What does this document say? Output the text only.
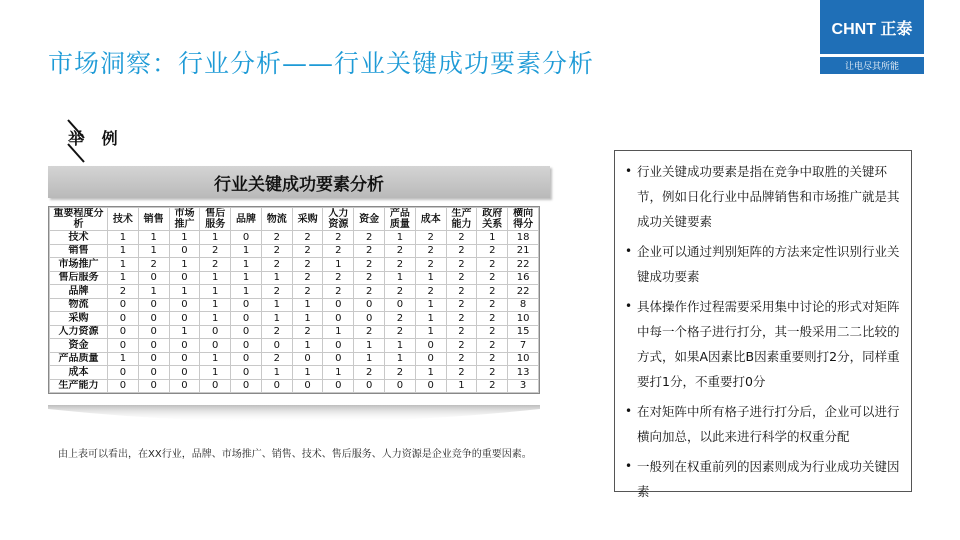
市场洞察：行业分析——行业关键成功要素分析
CHNT 正泰
让电尽其所能
举 例
行业关键成功要素分析
重要程度分析	技术	销售	市场推广	售后服务	品牌	物流	采购	人力资源	资金	产品质量	成本	生产能力	政府关系	横向得分
技术	1	1	1	1	0	2	2	2	2	1	2	2	1	18
销售	1	1	0	2	1	2	2	2	2	2	2	2	2	21
市场推广	1	2	1	2	1	2	2	1	2	2	2	2	2	22
售后服务	1	0	0	1	1	1	2	2	2	1	1	2	2	16
品牌	2	1	1	1	1	2	2	2	2	2	2	2	2	22
物流	0	0	0	1	0	1	1	0	0	0	1	2	2	8
采购	0	0	0	1	0	1	1	0	0	2	1	2	2	10
人力资源	0	0	1	0	0	2	2	1	2	2	1	2	2	15
资金	0	0	0	0	0	0	1	0	1	1	0	2	2	7
产品质量	1	0	0	1	0	2	0	0	1	1	0	2	2	10
成本	0	0	0	1	0	1	1	1	2	2	1	2	2	13
生产能力	0	0	0	0	0	0	0	0	0	0	0	1	2	3
由上表可以看出，在XX行业，品牌、市场推广、销售、技术、售后服务、人力资源是企业竞争的重要因素。
• 行业关键成功要素是指在竞争中取胜的关键环节，例如日化行业中品牌销售和市场推广就是其成功关键要素
• 企业可以通过判别矩阵的方法来定性识别行业关键成功要素
• 具体操作作过程需要采用集中讨论的形式对矩阵中每一个格子进行打分，其一般采用二二比较的方式，如果A因素比B因素重要则打2分，同样重要打1分，不重要打0分
• 在对矩阵中所有格子进行打分后，企业可以进行横向加总，以此来进行科学的权重分配
• 一般列在权重前列的因素则成为行业成功关键因素
